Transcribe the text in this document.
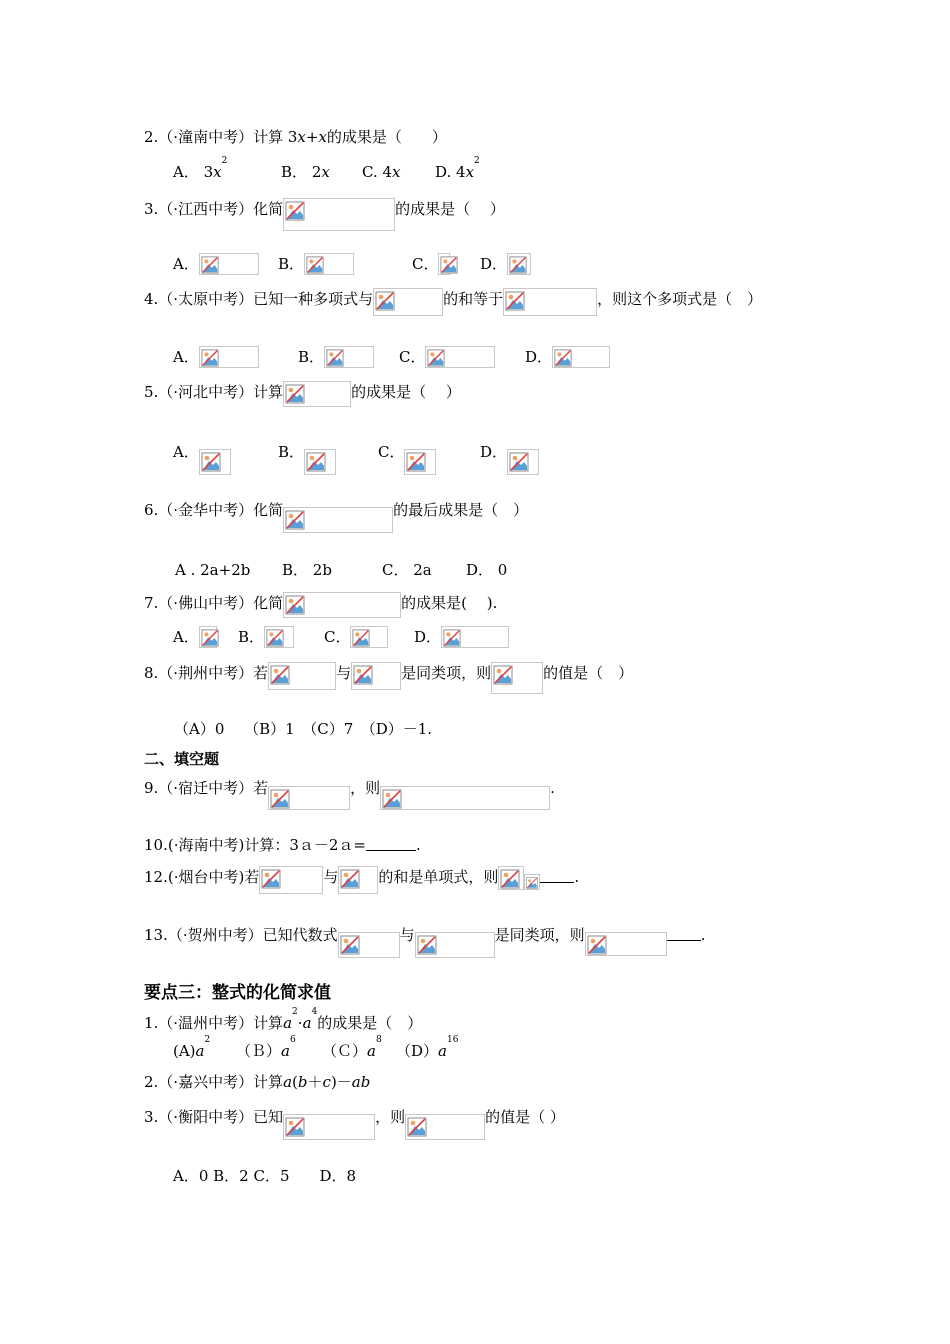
2.（·潼南中考）计算 3 x + x 的成果是（　　）
A．
3 x
2
B．
2 x C. 4 x D. 4 x
2
3.（·江西中考）化简	的成果是（　 ）
A．	B．	C．	D．
4.（·太原中考）已知一种多项式与	的和等于	，则这个多项式是（　）
A．	B．	C．	D．
5.（·河北中考）计算	的成果是（　 ）
A．	B．	C．	D．
6.（·金华中考）化简	的最后成果是（　）
A . 2a+2b B． 2b	C． 2a D． 0
7.（·佛山中考）化简	的成果是(　 ).
A．	B．	C．	D．
8.（·荆州中考）若	与	是同类项，则	的值是（　）
（A）0　 （B）1　（C）7　（D）－1.
二、填空题
9.（·宿迁中考）若	，则	.
10.(·海南中考)计算：3ａ－2ａ=	.
12.(·烟台中考)若	与	的和是单项式，则	.
13.（·贺州中考）已知代数式	与	是同类项，则	.
要点三：整式的化简求值
1.（·温州中考）计算 a
2
· a
4
的成果是（　）
(A) a
2
（Ｂ） a
6
（Ｃ） a
8
（D） a
16
2.（·嘉兴中考）计算 a ( b ＋ c )－ ab
3.（·衡阳中考）已知	，则	的值是（ ）
A．0 B．2 C．5　　D．8
